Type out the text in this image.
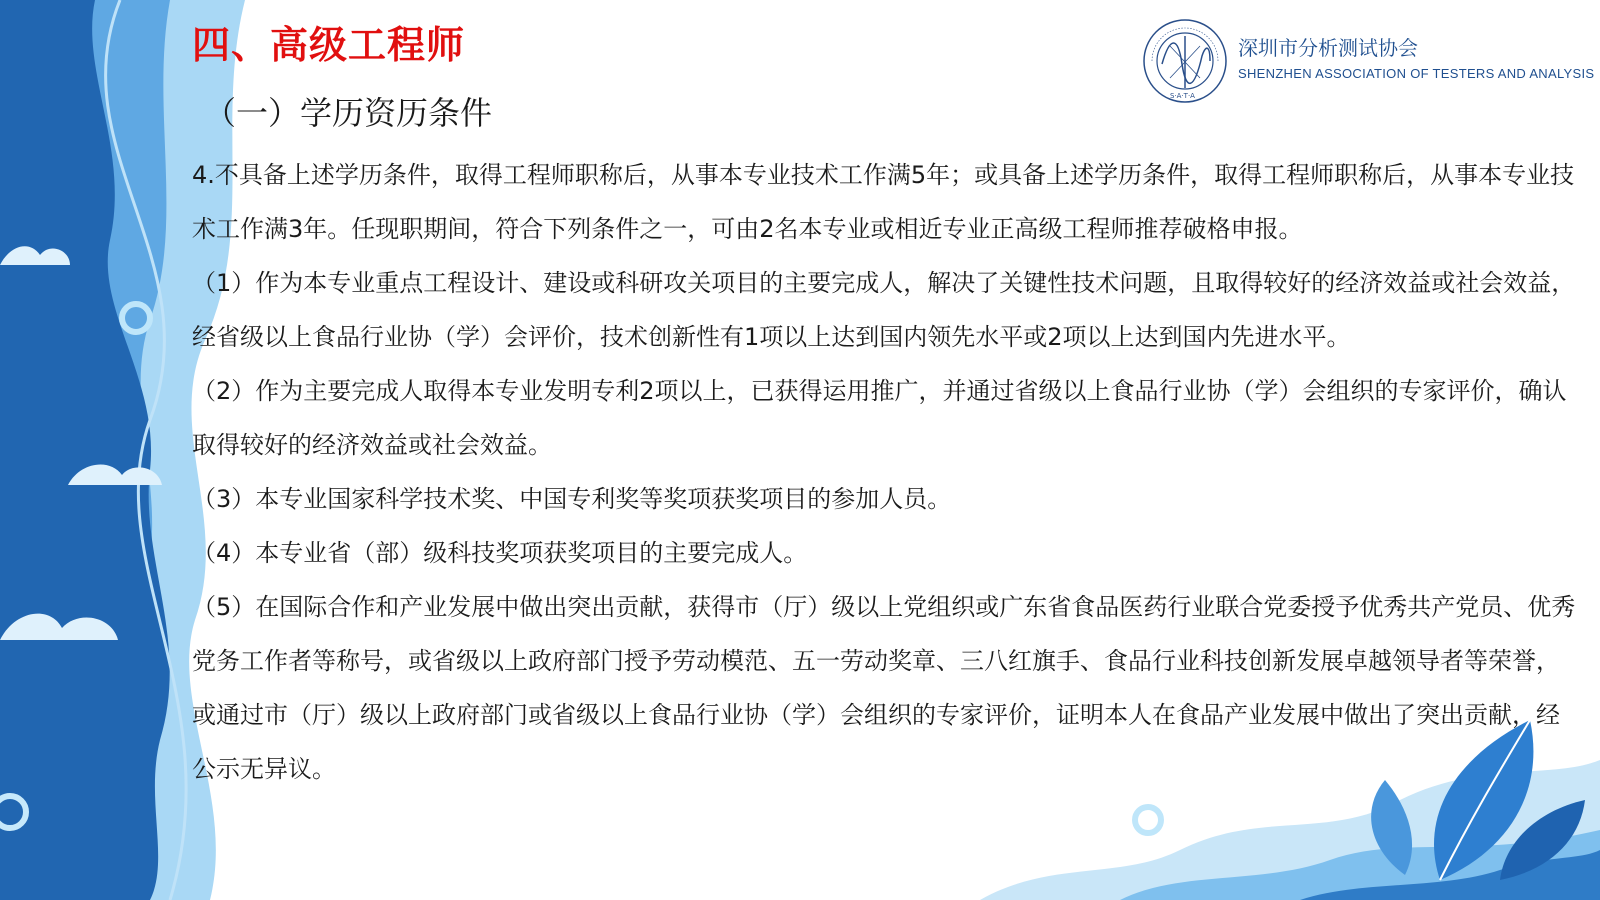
四、高级工程师
（一）学历资历条件	S·A·T·A
深圳市分析测试协会
SHENZHEN ASSOCIATION OF TESTERS AND ANALYSIS

4.不具备上述学历条件，取得工程师职称后，从事本专业技术工作满5年；或具备上述学历条件，取得工程师职称后，从事本专业技术工作满3年。任现职期间，符合下列条件之一，可由2名本专业或相近专业正高级工程师推荐破格申报。

（1）作为本专业重点工程设计、建设或科研攻关项目的主要完成人，解决了关键性技术问题，且取得较好的经济效益或社会效益，经省级以上食品行业协（学）会评价，技术创新性有1项以上达到国内领先水平或2项以上达到国内先进水平。

（2）作为主要完成人取得本专业发明专利2项以上，已获得运用推广，并通过省级以上食品行业协（学）会组织的专家评价，确认取得较好的经济效益或社会效益。

（3）本专业国家科学技术奖、中国专利奖等奖项获奖项目的参加人员。

（4）本专业省（部）级科技奖项获奖项目的主要完成人。

（5）在国际合作和产业发展中做出突出贡献，获得市（厅）级以上党组织或广东省食品医药行业联合党委授予优秀共产党员、优秀党务工作者等称号，或省级以上政府部门授予劳动模范、五一劳动奖章、三八红旗手、食品行业科技创新发展卓越领导者等荣誉，或通过市（厅）级以上政府部门或省级以上食品行业协（学）会组织的专家评价，证明本人在食品产业发展中做出了突出贡献，经公示无异议。
